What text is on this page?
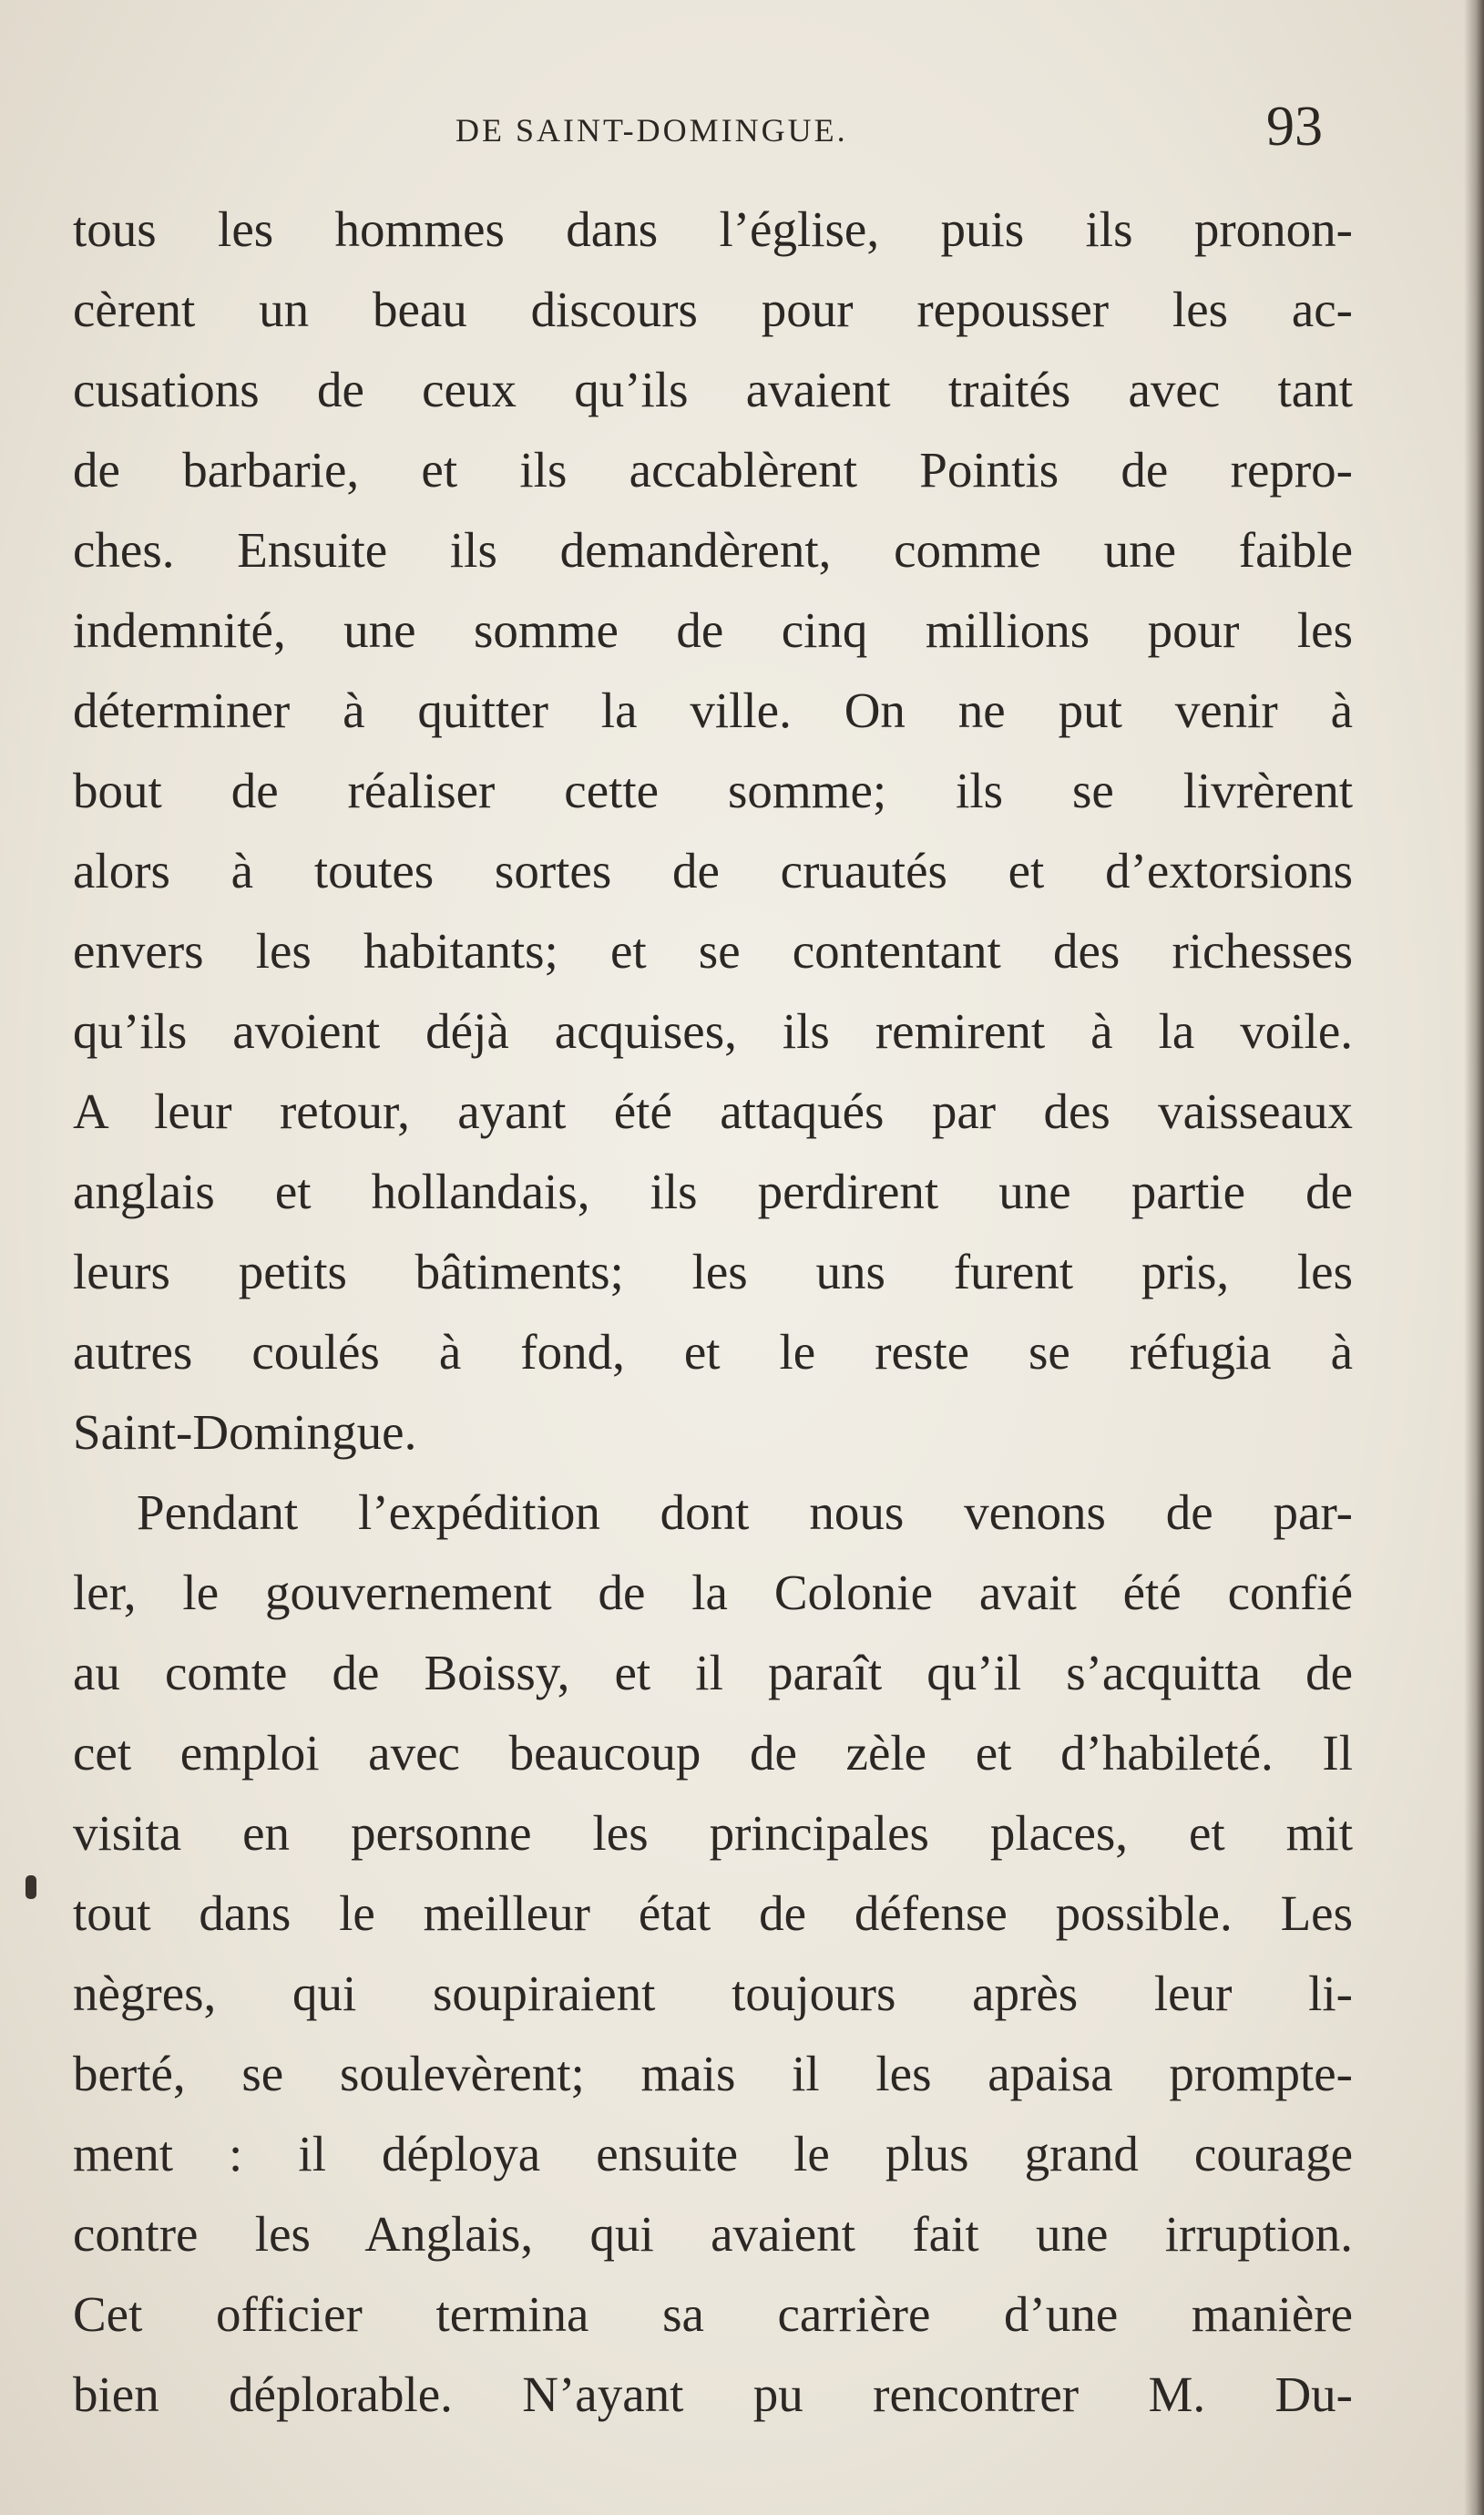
DE SAINT-DOMINGUE.	93
tous les hommes dans l’église, puis ils pronon-
cèrent un beau discours pour repousser les ac-
cusations de ceux qu’ils avaient traités avec tant
de barbarie, et ils accablèrent Pointis de repro-
ches. Ensuite ils demandèrent, comme une faible
indemnité, une somme de cinq millions pour les
déterminer à quitter la ville. On ne put venir à
bout de réaliser cette somme; ils se livrèrent
alors à toutes sortes de cruautés et d’extorsions
envers les habitants; et se contentant des richesses
qu’ils avoient déjà acquises, ils remirent à la voile.
A leur retour, ayant été attaqués par des vaisseaux
anglais et hollandais, ils perdirent une partie de
leurs petits bâtiments; les uns furent pris, les
autres coulés à fond, et le reste se réfugia à
Saint-Domingue.
Pendant l’expédition dont nous venons de par-
ler, le gouvernement de la Colonie avait été confié
au comte de Boissy, et il paraît qu’il s’acquitta de
cet emploi avec beaucoup de zèle et d’habileté. Il
visita en personne les principales places, et mit
tout dans le meilleur état de défense possible. Les
nègres, qui soupiraient toujours après leur li-
berté, se soulevèrent; mais il les apaisa prompte-
ment : il déploya ensuite le plus grand courage
contre les Anglais, qui avaient fait une irruption.
Cet officier termina sa carrière d’une manière
bien déplorable. N’ayant pu rencontrer M. Du-
